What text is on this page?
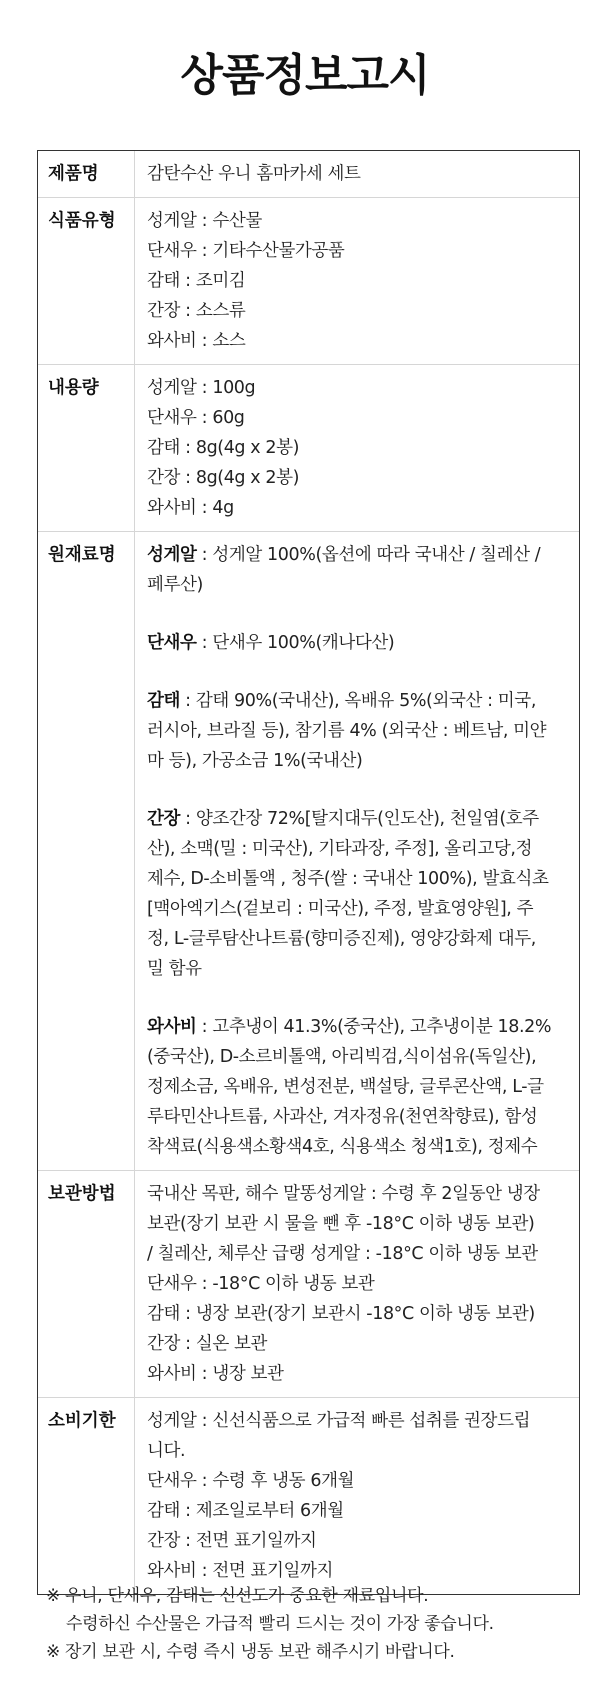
상품정보고시
제품명	감탄수산 우니 홈마카세 세트
식품유형	성게알 : 수산물
단새우 : 기타수산물가공품
감태 : 조미김
간장 : 소스류
와사비 : 소스
내용량	성게알 : 100g
단새우 : 60g
감태 : 8g(4g x 2봉)
간장 : 8g(4g x 2봉)
와사비 : 4g
원재료명	성게알 : 성게알 100%(옵션에 따라 국내산 / 칠레산 /
페루산)
단새우 : 단새우 100%(캐나다산)
감태 : 감태 90%(국내산), 옥배유 5%(외국산 : 미국,
러시아, 브라질 등), 참기름 4% (외국산 : 베트남, 미얀
마 등), 가공소금 1%(국내산)
간장 : 양조간장 72%[탈지대두(인도산), 천일염(호주
산), 소맥(밀 : 미국산), 기타과장, 주정], 올리고당,정
제수, D-소비톨액 , 청주(쌀 : 국내산 100%), 발효식초
[맥아엑기스(겉보리 : 미국산), 주정, 발효영양원], 주
정, L-글루탐산나트륨(향미증진제), 영양강화제 대두,
밀 함유
와사비 : 고추냉이 41.3%(중국산), 고추냉이분 18.2%
(중국산), D-소르비톨액, 아리빅검,식이섬유(독일산),
정제소금, 옥배유, 변성전분, 백설탕, 글루콘산액, L-글
루타민산나트륨, 사과산, 겨자정유(천연착향료), 함성
착색료(식용색소황색4호, 식용색소 청색1호), 정제수
보관방법	국내산 목판, 해수 말똥성게알 : 수령 후 2일동안 냉장
보관(장기 보관 시 물을 뺀 후 -18°C 이하 냉동 보관)
/ 칠레산, 체루산 급랭 성게알 : -18°C 이하 냉동 보관
단새우 : -18°C 이하 냉동 보관
감태 : 냉장 보관(장기 보관시 -18°C 이하 냉동 보관)
간장 : 실온 보관
와사비 : 냉장 보관
소비기한	성게알 : 신선식품으로 가급적 빠른 섭취를 권장드립
니다.
단새우 : 수령 후 냉동 6개월
감태 : 제조일로부터 6개월
간장 : 전면 표기일까지
와사비 : 전면 표기일까지
※ 우니, 단새우, 감태는 신선도가 중요한 재료입니다.
수령하신 수산물은 가급적 빨리 드시는 것이 가장 좋습니다.
※ 장기 보관 시, 수령 즉시 냉동 보관 해주시기 바랍니다.
